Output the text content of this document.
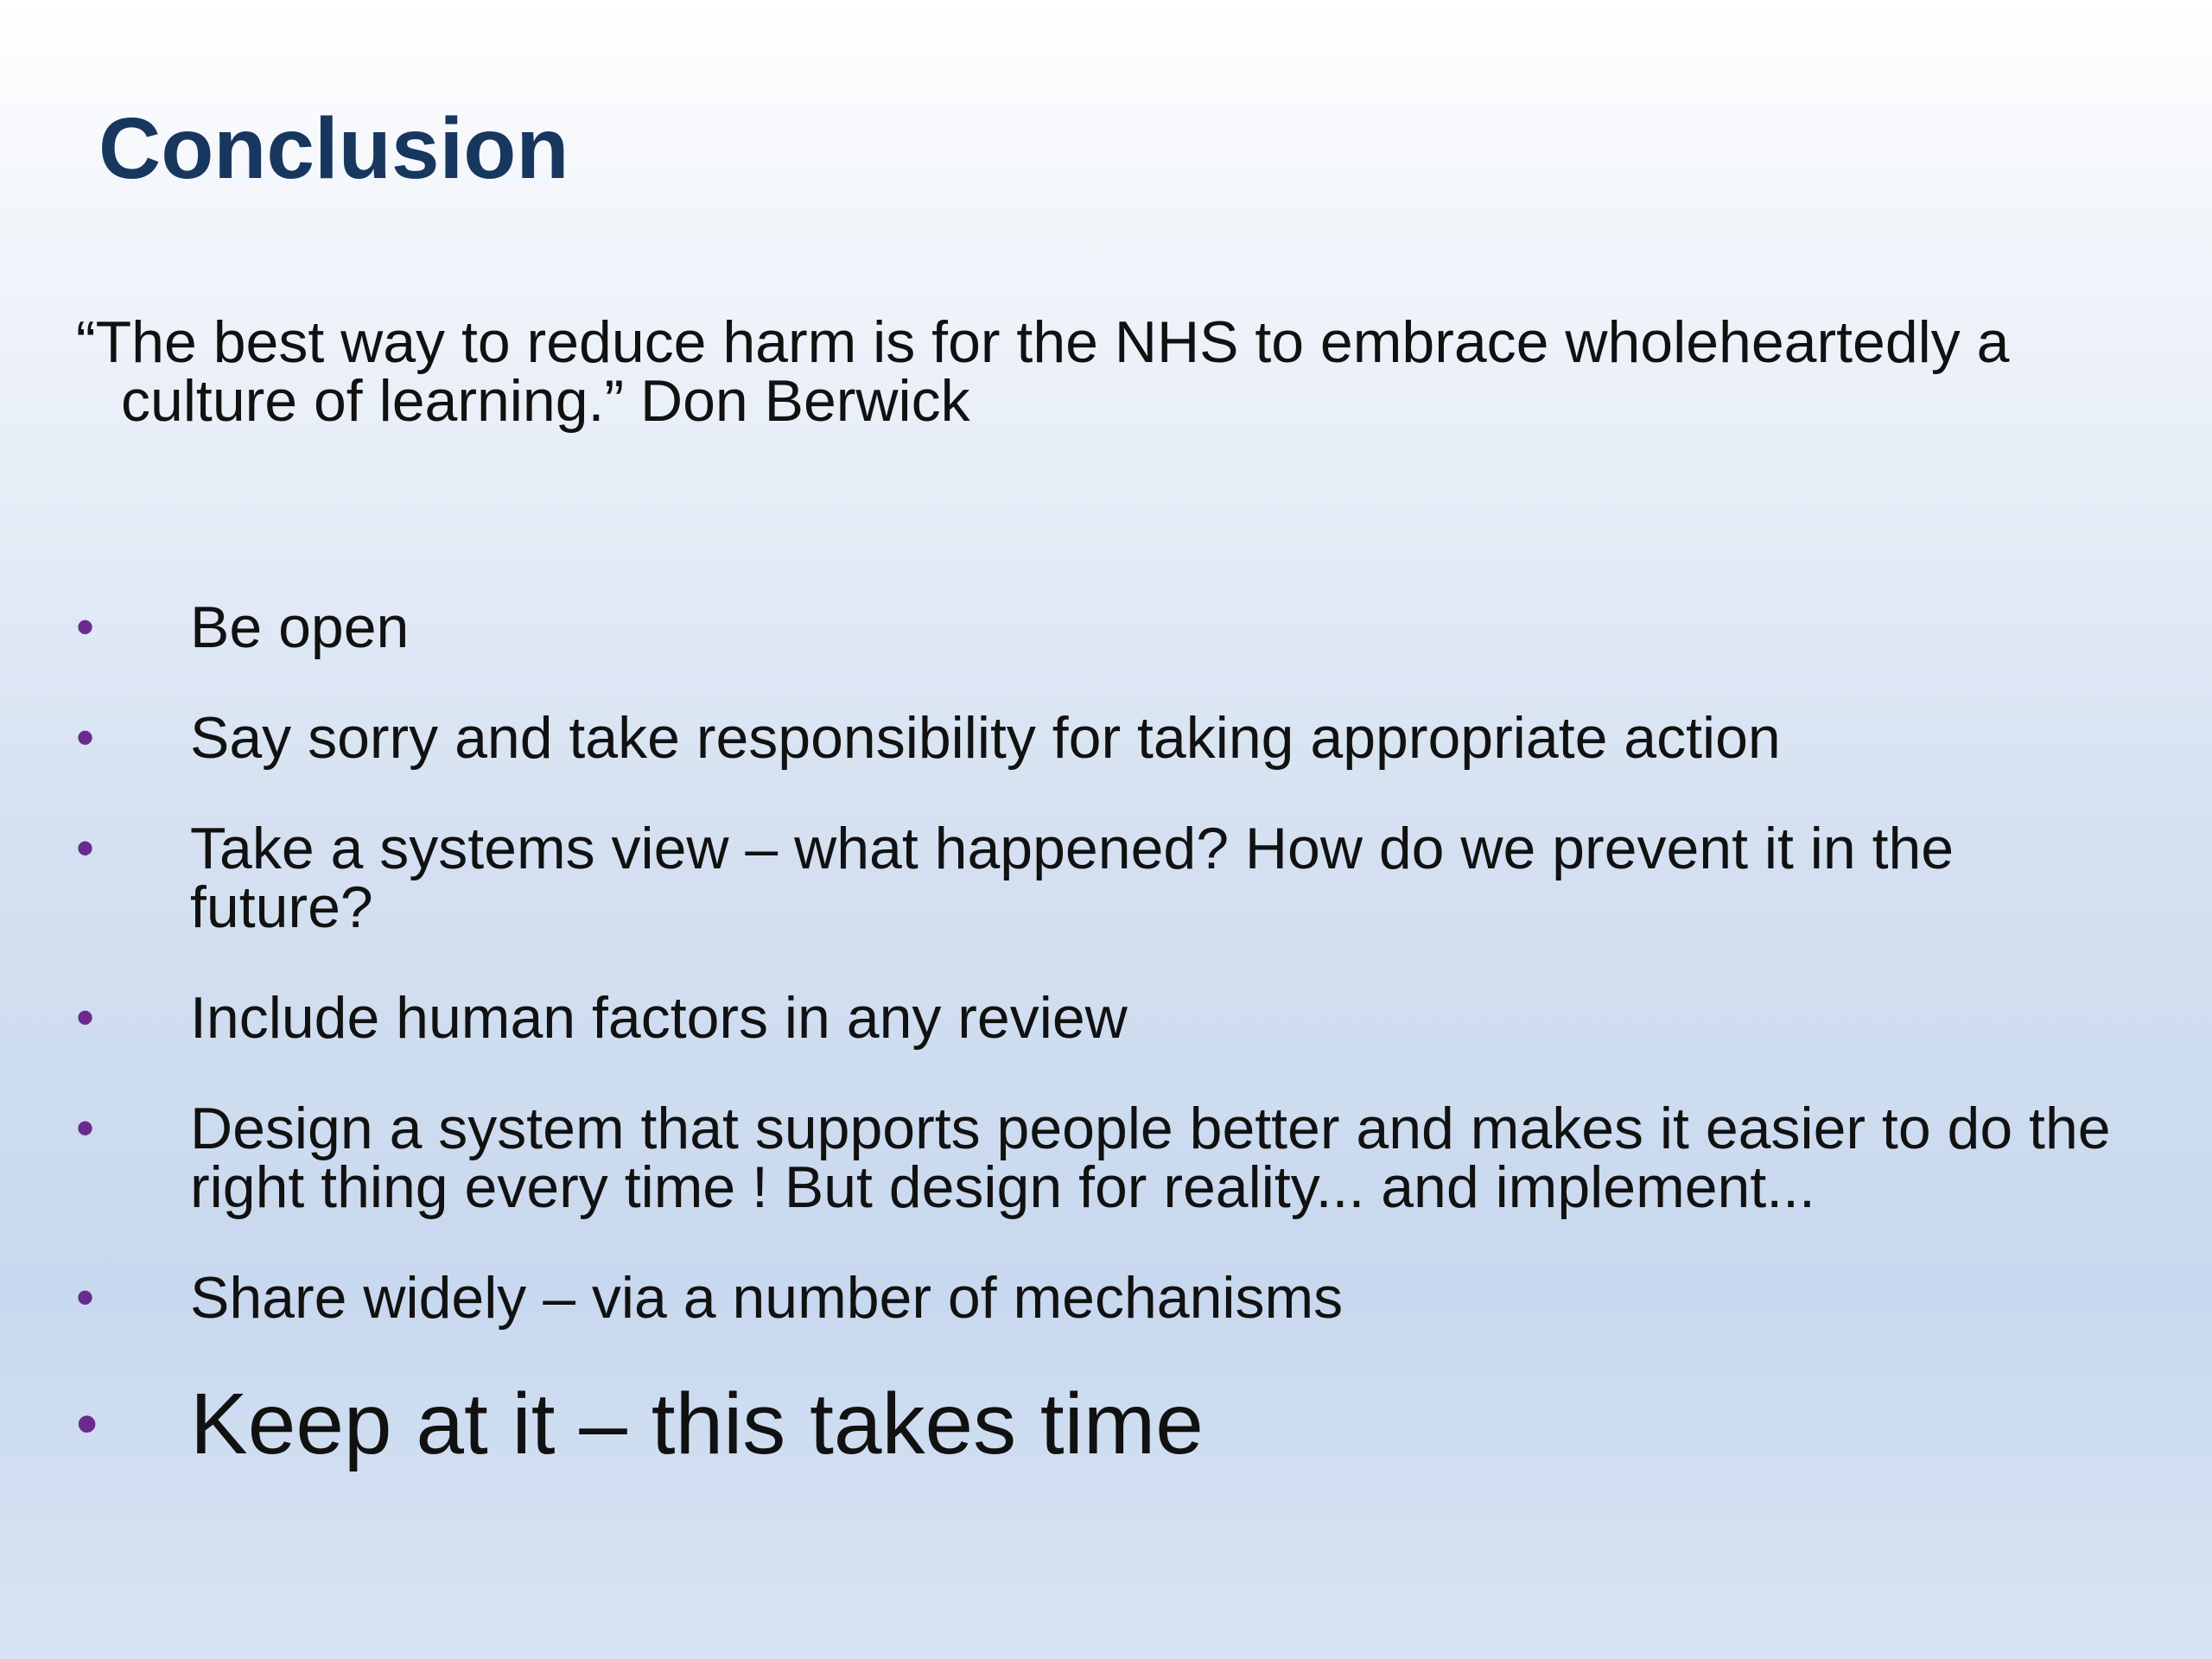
Conclusion

“The best way to reduce harm is for the NHS to embrace wholeheartedly a
culture of learning.” Don Berwick

• Be open
• Say sorry and take responsibility for taking appropriate action
• Take a systems view – what happened? How do we prevent it in the future?
• Include human factors in any review
• Design a system that supports people better and makes it easier to do the right thing every time ! But design for reality... and implement...
• Share widely – via a number of mechanisms
• Keep at it – this takes time
